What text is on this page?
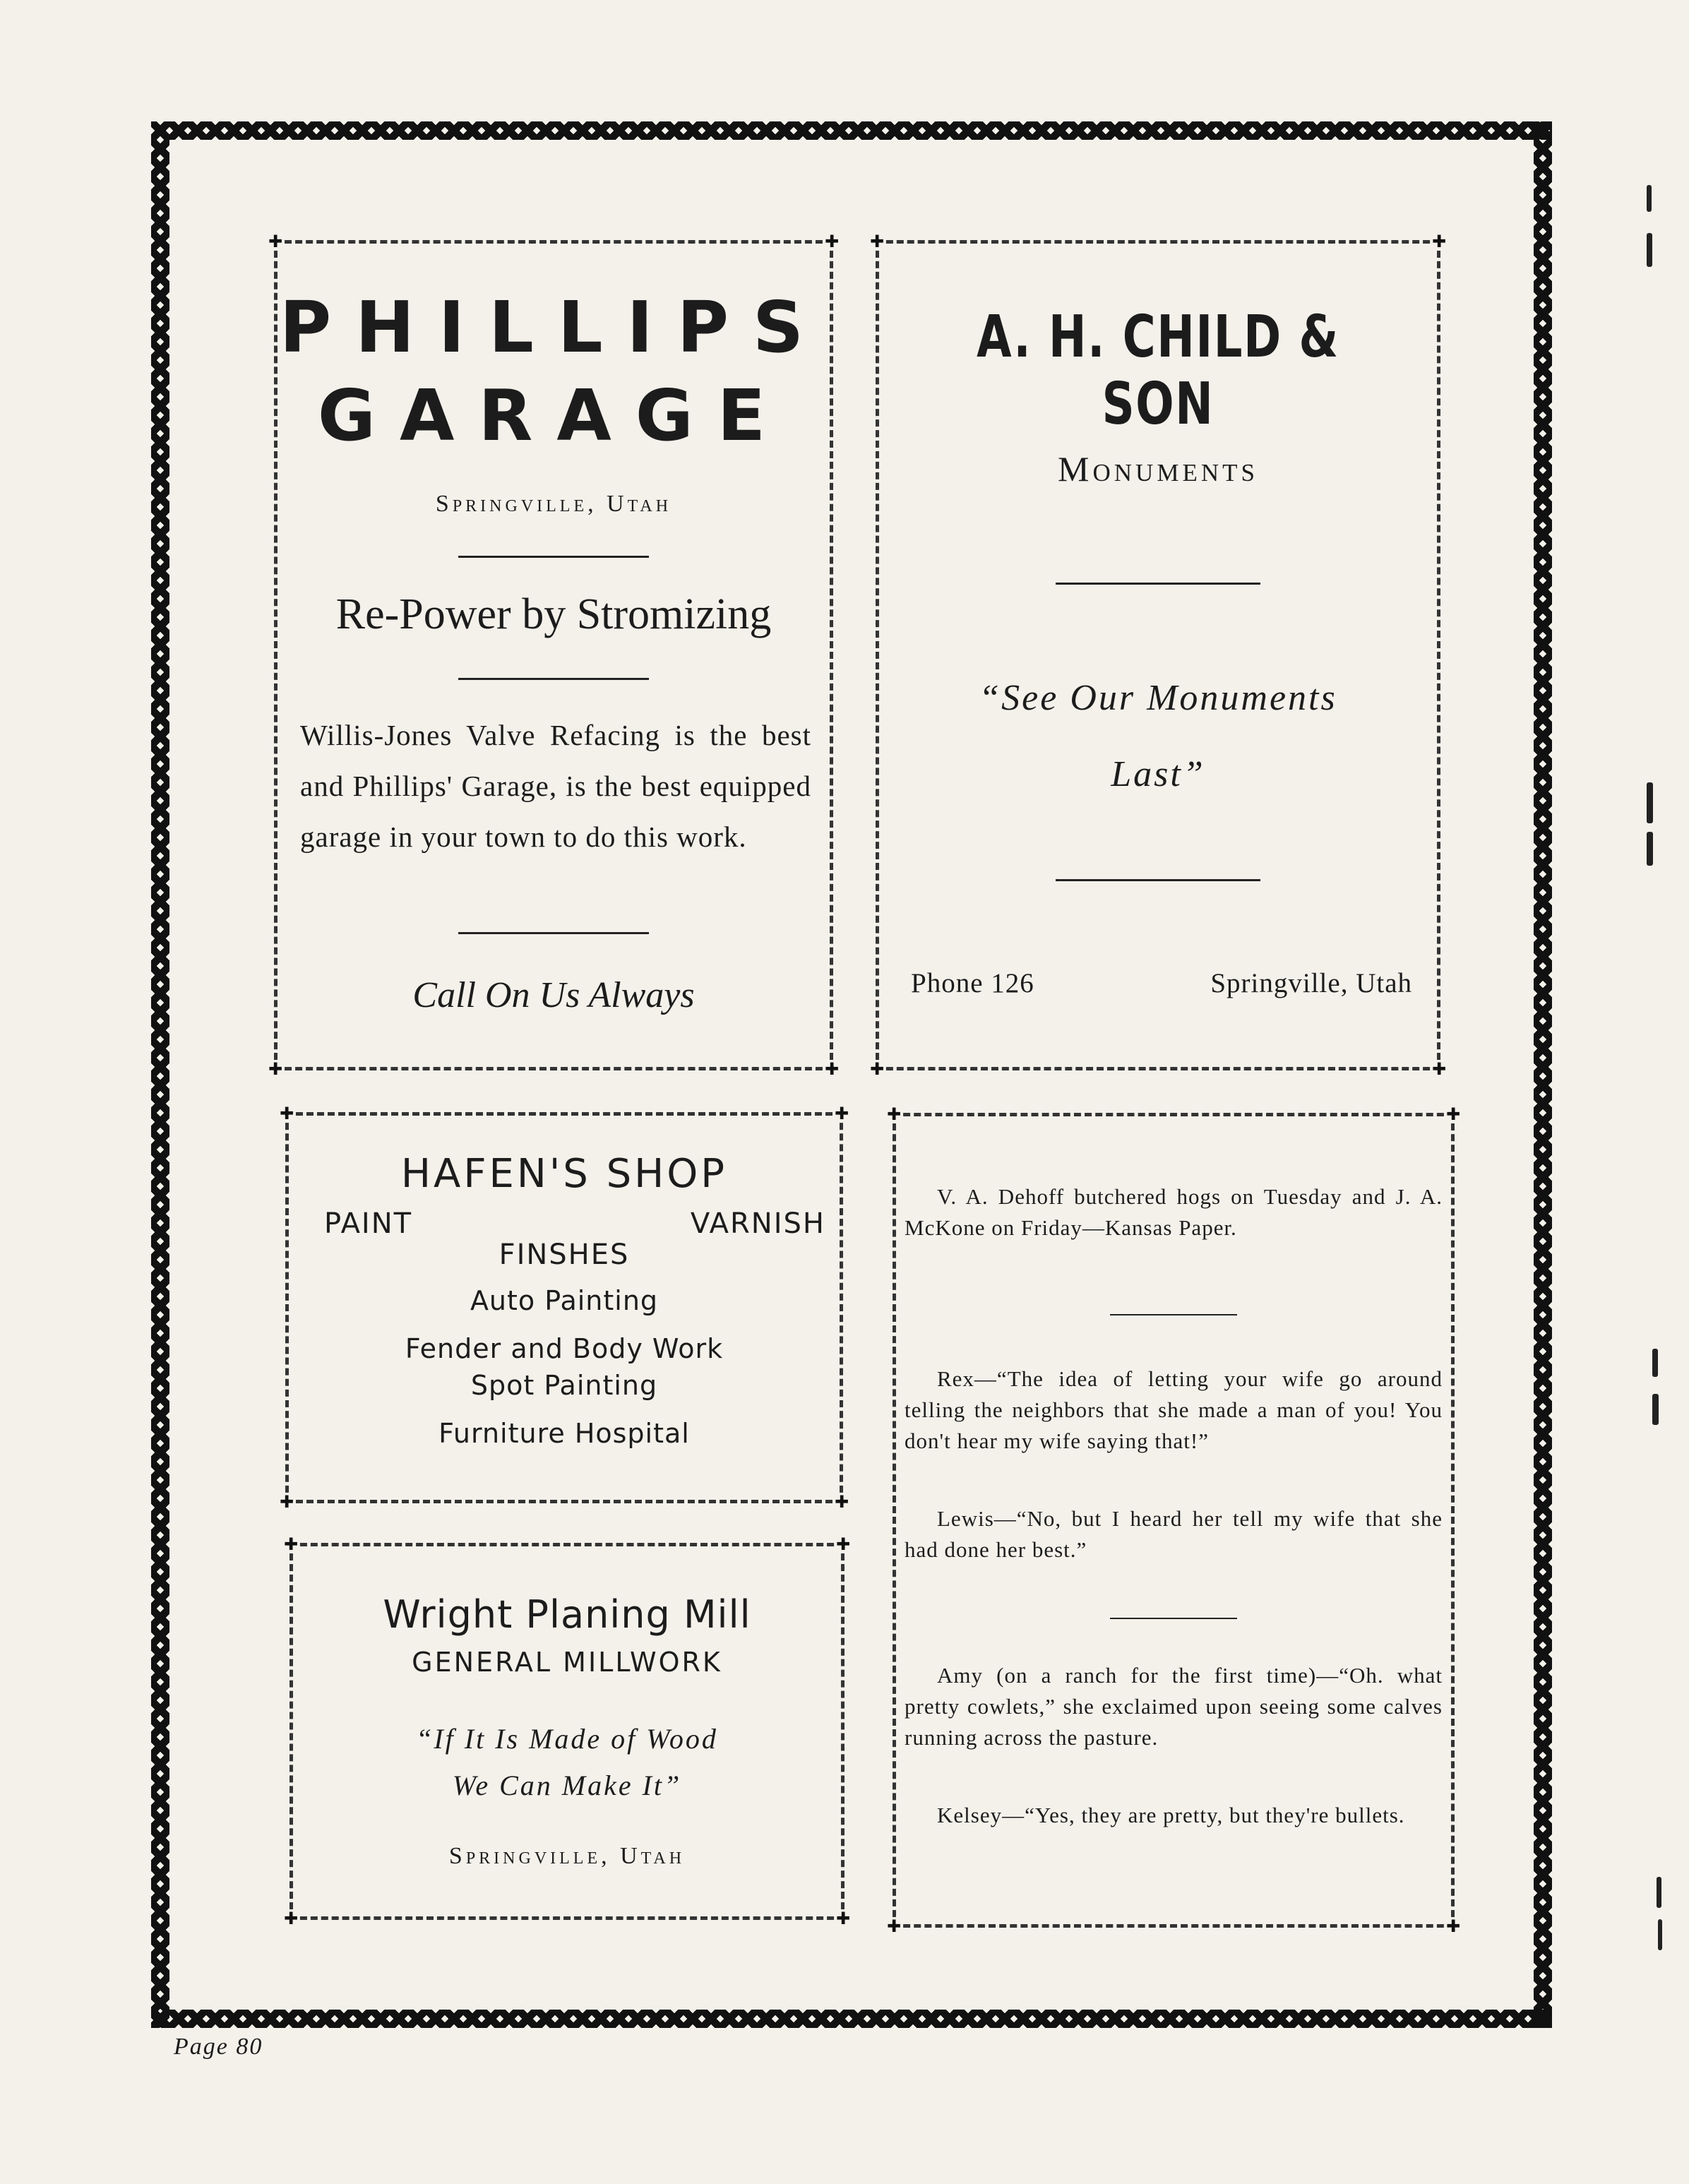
✚	✚
✚	✚
PHILLIPS
GARAGE
Springville, Utah
Re-Power by Stromizing
Willis-Jones Valve Refacing is the best and Phillips' Garage, is the best equipped garage in your town to do this work.
Call On Us Always
✚	✚
✚	✚
A. H. CHILD & SON
Monuments
“See Our Monuments
Last”
Phone 126	Springville, Utah
✚	✚
✚	✚
HAFEN'S SHOP
PAINT	VARNISH
FINSHES
Auto Painting
Fender and Body Work
Spot Painting
Furniture Hospital
✚	✚
✚	✚
Wright Planing Mill
GENERAL MILLWORK
“If It Is Made of Wood
We Can Make It”
Springville, Utah
✚	✚
✚	✚

V. A. Dehoff butchered hogs on Tuesday and J. A. McKone on Friday—Kansas Paper.

Rex—“The idea of letting your wife go around telling the neighbors that she made a man of you! You don't hear my wife saying that!”

Lewis—“No, but I heard her tell my wife that she had done her best.”

Amy (on a ranch for the first time)—“Oh. what pretty cowlets,” she exclaimed upon seeing some calves running across the pasture.

Kelsey—“Yes, they are pretty, but they're bullets.

Page 80
